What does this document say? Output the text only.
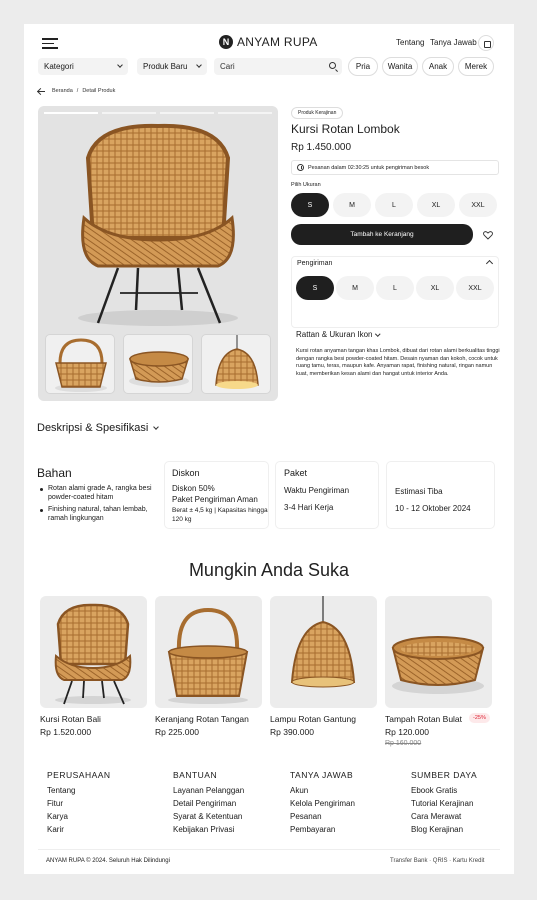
N ANYAM RUPA	Tentang Tanya Jawab
Kategori	Produk Baru	Cari	Pria	Wanita	Anak	Merek
Beranda / Detail Produk
Produk Kerajinan
Kursi Rotan Lombok
Rp 1.450.000
Pesanan dalam 02:30:25 untuk pengiriman besok
Pilih Ukuran
S	M	L	XL	XXL
Tambah ke Keranjang
Pengiriman
S	M	L	XL	XXL
Rattan & Ukuran Ikon
Kursi rotan anyaman tangan khas Lombok, dibuat dari rotan alami berkualitas tinggi dengan rangka besi powder-coated hitam. Desain nyaman dan kokoh, cocok untuk ruang tamu, teras, maupun kafe. Anyaman rapat, finishing natural, ringan namun kuat, memberikan kesan alami dan hangat untuk interior Anda.
Deskripsi & Spesifikasi
Bahan
Rotan alami grade A, rangka besi powder-coated hitam
Finishing natural, tahan lembab, ramah lingkungan
Diskon
Diskon 50%
Paket Pengiriman Aman
Berat ± 4,5 kg | Kapasitas hingga 120 kg
Paket
Waktu Pengiriman
3-4 Hari Kerja
Estimasi Tiba
10 - 12 Oktober 2024
Mungkin Anda Suka
Kursi Rotan Bali
Rp 1.520.000
Keranjang Rotan Tangan
Rp 225.000
Lampu Rotan Gantung
Rp 390.000
Tampah Rotan Bulat	-25%
Rp 120.000
Rp 160.000
PERUSAHAAN
Tentang
Fitur
Karya
Karir
BANTUAN
Layanan Pelanggan
Detail Pengiriman
Syarat & Ketentuan
Kebijakan Privasi
TANYA JAWAB
Akun
Kelola Pengiriman
Pesanan
Pembayaran
SUMBER DAYA
Ebook Gratis
Tutorial Kerajinan
Cara Merawat
Blog Kerajinan
ANYAM RUPA © 2024. Seluruh Hak Dilindungi	Transfer Bank · QRIS · Kartu Kredit
